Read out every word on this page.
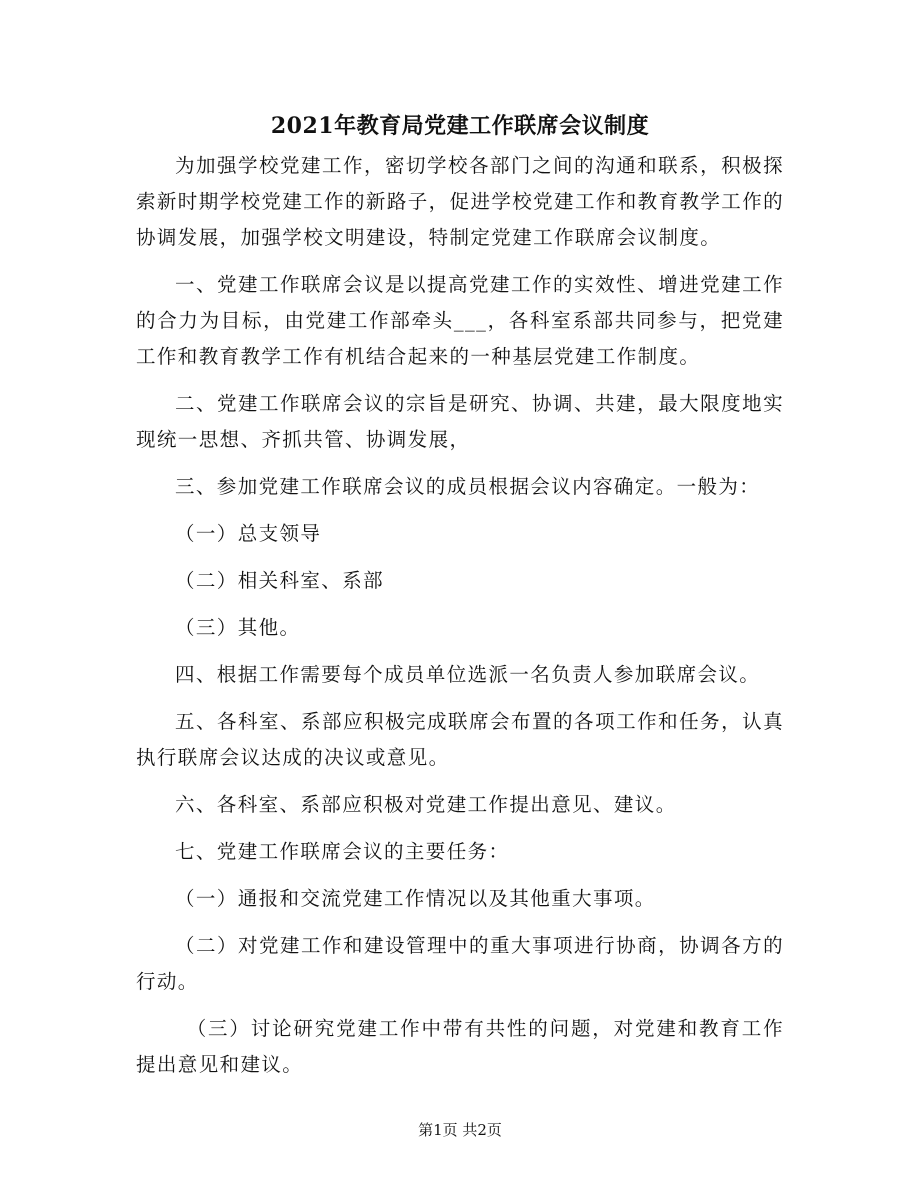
2021年教育局党建工作联席会议制度

为加强学校党建工作，密切学校各部门之间的沟通和联系，积极探索新时期学校党建工作的新路子，促进学校党建工作和教育教学工作的协调发展，加强学校文明建设，特制定党建工作联席会议制度。

一、党建工作联席会议是以提高党建工作的实效性、增进党建工作的合力为目标，由党建工作部牵头___，各科室系部共同参与，把党建工作和教育教学工作有机结合起来的一种基层党建工作制度。

二、党建工作联席会议的宗旨是研究、协调、共建，最大限度地实现统一思想、齐抓共管、协调发展，

三、参加党建工作联席会议的成员根据会议内容确定。一般为：

（一）总支领导

（二）相关科室、系部

（三）其他。

四、根据工作需要每个成员单位选派一名负责人参加联席会议。

五、各科室、系部应积极完成联席会布置的各项工作和任务，认真执行联席会议达成的决议或意见。

六、各科室、系部应积极对党建工作提出意见、建议。

七、党建工作联席会议的主要任务：

（一）通报和交流党建工作情况以及其他重大事项。

（二）对党建工作和建设管理中的重大事项进行协商，协调各方的行动。

（三）讨论研究党建工作中带有共性的问题，对党建和教育工作提出意见和建议。

第1页 共2页
